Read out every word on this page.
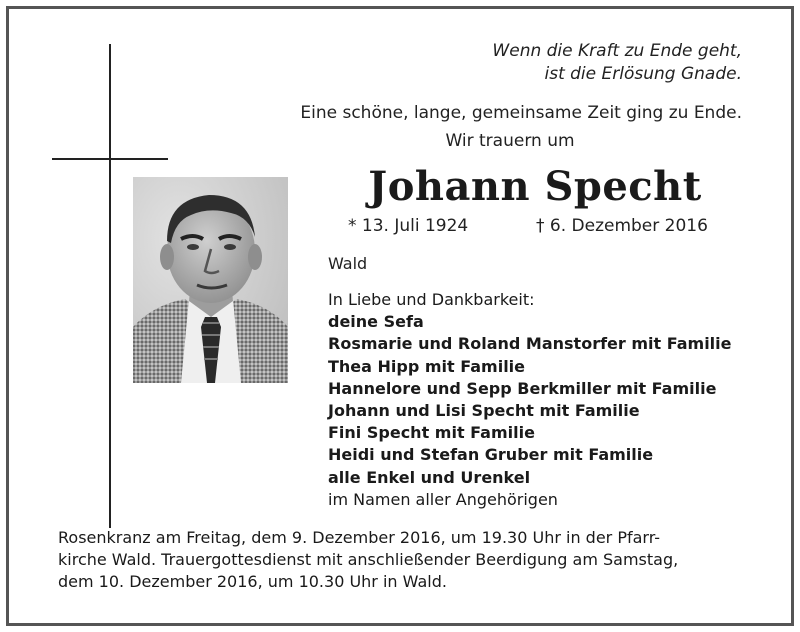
Wenn die Kraft zu Ende geht,
ist die Erlösung Gnade.
Eine schöne, lange, gemeinsame Zeit ging zu Ende.
Wir trauern um
Johann Specht
* 13. Juli 1924	† 6. Dezember 2016
Wald
In Liebe und Dankbarkeit:
deine Sefa
Rosmarie und Roland Manstorfer mit Familie
Thea Hipp mit Familie
Hannelore und Sepp Berkmiller mit Familie
Johann und Lisi Specht mit Familie
Fini Specht mit Familie
Heidi und Stefan Gruber mit Familie
alle Enkel und Urenkel
im Namen aller Angehörigen
Rosenkranz am Freitag, dem 9. Dezember 2016, um 19.30 Uhr in der Pfarr-
kirche Wald. Trauergottesdienst mit anschließender Beerdigung am Samstag,
dem 10. Dezember 2016, um 10.30 Uhr in Wald.
